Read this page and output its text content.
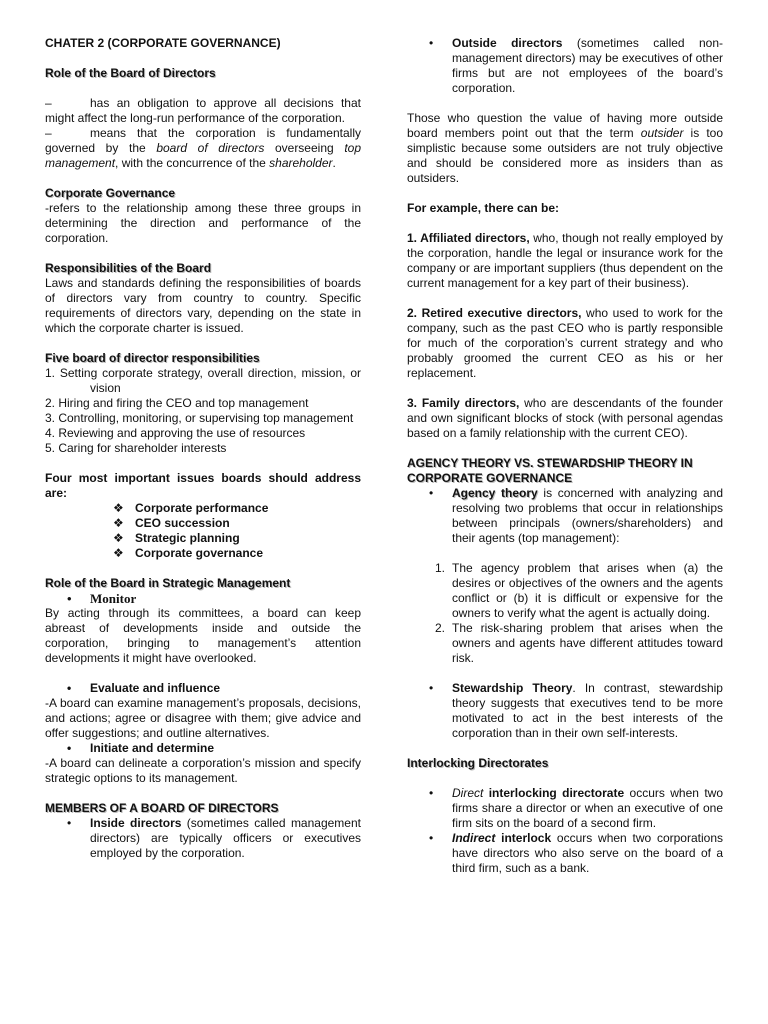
CHATER 2 (CORPORATE GOVERNANCE)
Role of the Board of Directors

–	has an obligation to approve all decisions that might affect the long-run performance of the corporation.

–	means that the corporation is fundamentally governed by the board of directors overseeing top management, with the concurrence of the shareholder.

Corporate Governance

-refers to the relationship among these three groups in determining the direction and performance of the corporation.

Responsibilities of the Board

Laws and standards defining the responsibilities of boards of directors vary from country to country. Specific requirements of directors vary, depending on the state in which the corporate charter is issued.

Five board of director responsibilities
1. Setting corporate strategy, overall direction, mission, or vision
2. Hiring and firing the CEO and top management
3. Controlling, monitoring, or supervising top management
4. Reviewing and approving the use of resources
5. Caring for shareholder interests

Four most important issues boards should address are:

❖ Corporate performance
❖ CEO succession
❖ Strategic planning
❖ Corporate governance
Role of the Board in Strategic Management
• Monitor

By acting through its committees, a board can keep abreast of developments inside and outside the corporation, bringing to management’s attention developments it might have overlooked.

• Evaluate and influence

-A board can examine management’s proposals, decisions, and actions; agree or disagree with them; give advice and offer suggestions; and outline alternatives.

• Initiate and determine

-A board can delineate a corporation’s mission and specify strategic options to its management.

MEMBERS OF A BOARD OF DIRECTORS
• Inside directors (sometimes called management directors) are typically officers or executives employed by the corporation.
• Outside directors (sometimes called non-management directors) may be executives of other firms but are not employees of the board’s corporation.

Those who question the value of having more outside board members point out that the term outsider is too simplistic because some outsiders are not truly objective and should be considered more as insiders than as outsiders.

For example, there can be:

1. Affiliated directors, who, though not really employed by the corporation, handle the legal or insurance work for the company or are important suppliers (thus dependent on the current management for a key part of their business).

2. Retired executive directors, who used to work for the company, such as the past CEO who is partly responsible for much of the corporation’s current strategy and who probably groomed the current CEO as his or her replacement.

3. Family directors, who are descendants of the founder and own significant blocks of stock (with personal agendas based on a family relationship with the current CEO).

AGENCY THEORY VS. STEWARDSHIP THEORY IN CORPORATE GOVERNANCE
• Agency theory is concerned with analyzing and resolving two problems that occur in relationships between principals (owners/shareholders) and their agents (top management):
1. The agency problem that arises when (a) the desires or objectives of the owners and the agents conflict or (b) it is difficult or expensive for the owners to verify what the agent is actually doing.
2. The risk-sharing problem that arises when the owners and agents have different attitudes toward risk.
• Stewardship Theory. In contrast, stewardship theory suggests that executives tend to be more motivated to act in the best interests of the corporation than in their own self-interests.
Interlocking Directorates
• Direct interlocking directorate occurs when two firms share a director or when an executive of one firm sits on the board of a second firm.
• Indirect interlock occurs when two corporations have directors who also serve on the board of a third firm, such as a bank.
